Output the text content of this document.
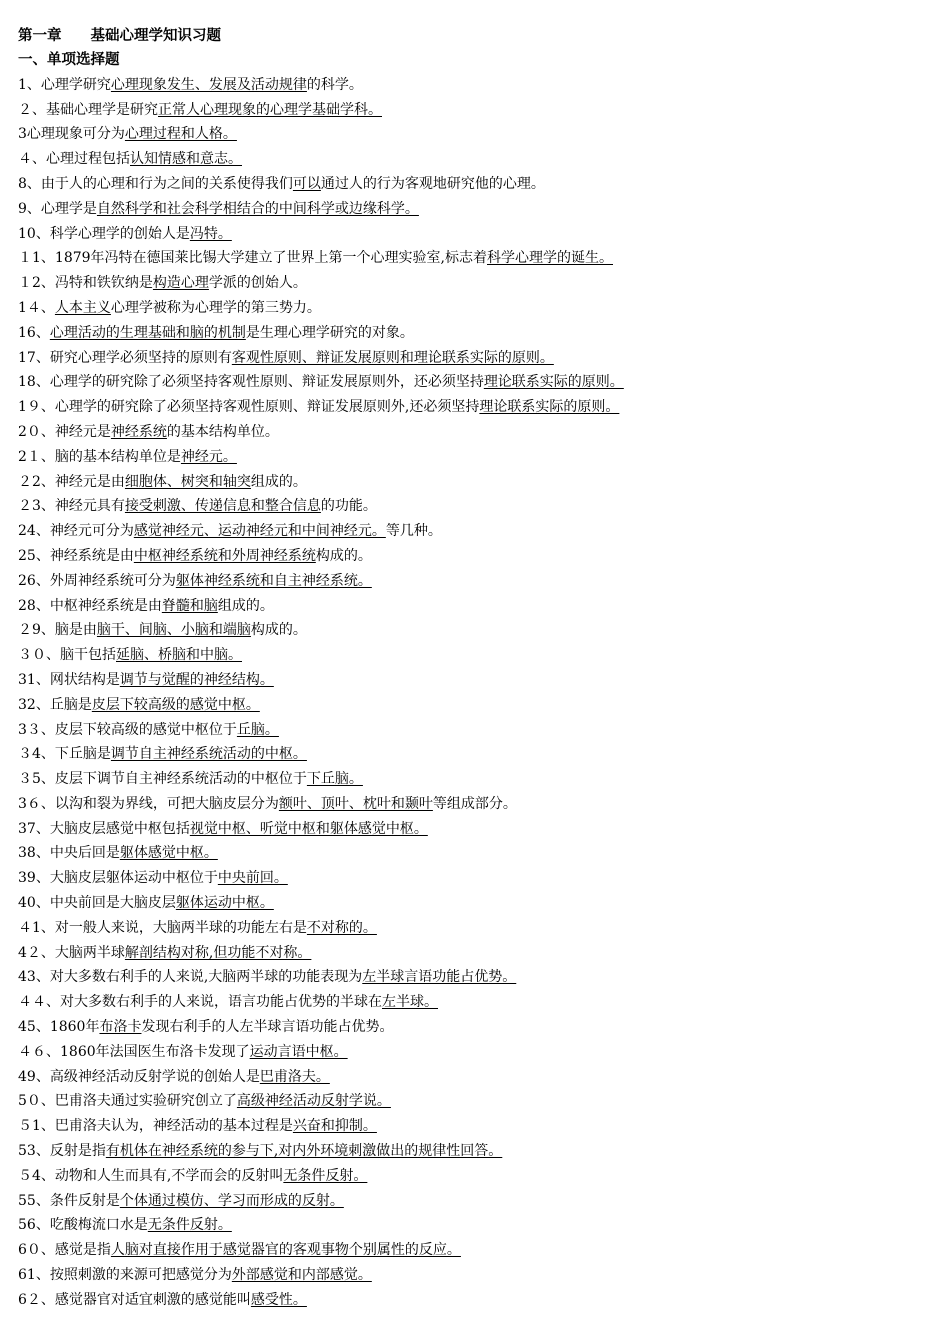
第一章　　基础心理学知识习题
一、单项选择题
1、心理学研究心理现象发生、发展及活动规律的科学。
２、基础心理学是研究正常人心理现象的心理学基础学科。
3心理现象可分为心理过程和人格。
４、心理过程包括认知情感和意志。
8、由于人的心理和行为之间的关系使得我们可以通过人的行为客观地研究他的心理。
9、心理学是自然科学和社会科学相结合的中间科学或边缘科学。
10、科学心理学的创始人是冯特。
１1、1879年冯特在德国莱比锡大学建立了世界上第一个心理实验室,标志着科学心理学的诞生。
１2、冯特和铁钦纳是构造心理学派的创始人。
1４、人本主义心理学被称为心理学的第三势力。
16、心理活动的生理基础和脑的机制是生理心理学研究的对象。
17、研究心理学必须坚持的原则有客观性原则、辩证发展原则和理论联系实际的原则。
18、心理学的研究除了必须坚持客观性原则、辩证发展原则外，还必须坚持理论联系实际的原则。
1９、心理学的研究除了必须坚持客观性原则、辩证发展原则外,还必须坚持理论联系实际的原则。
2０、神经元是神经系统的基本结构单位。
2１、脑的基本结构单位是神经元。
２2、神经元是由细胞体、树突和轴突组成的。
２3、神经元具有接受刺激、传递信息和整合信息的功能。
24、神经元可分为感觉神经元、运动神经元和中间神经元。等几种。
25、神经系统是由中枢神经系统和外周神经系统构成的。
26、外周神经系统可分为躯体神经系统和自主神经系统。
28、中枢神经系统是由脊髓和脑组成的。
２9、脑是由脑干、间脑、小脑和端脑构成的。
３０、脑干包括延脑、桥脑和中脑。
31、网状结构是调节与觉醒的神经结构。
32、丘脑是皮层下较高级的感觉中枢。
3３、皮层下较高级的感觉中枢位于丘脑。
３4、下丘脑是调节自主神经系统活动的中枢。
３5、皮层下调节自主神经系统活动的中枢位于下丘脑。
3６、以沟和裂为界线，可把大脑皮层分为额叶、顶叶、枕叶和颞叶等组成部分。
37、大脑皮层感觉中枢包括视觉中枢、听觉中枢和躯体感觉中枢。
38、中央后回是躯体感觉中枢。
39、大脑皮层躯体运动中枢位于中央前回。
40、中央前回是大脑皮层躯体运动中枢。
４1、对一般人来说，大脑两半球的功能左右是不对称的。
4２、大脑两半球解剖结构对称,但功能不对称。
43、对大多数右利手的人来说,大脑两半球的功能表现为左半球言语功能占优势。
４４、对大多数右利手的人来说，语言功能占优势的半球在左半球。
45、1860年布洛卡发现右利手的人左半球言语功能占优势。
４６、1860年法国医生布洛卡发现了运动言语中枢。
49、高级神经活动反射学说的创始人是巴甫洛夫。
5０、巴甫洛夫通过实验研究创立了高级神经活动反射学说。
５1、巴甫洛夫认为，神经活动的基本过程是兴奋和抑制。
53、反射是指有机体在神经系统的参与下,对内外环境刺激做出的规律性回答。
５4、动物和人生而具有,不学而会的反射叫无条件反射。
55、条件反射是个体通过模仿、学习而形成的反射。
56、吃酸梅流口水是无条件反射。
6０、感觉是指人脑对直接作用于感觉器官的客观事物个别属性的反应。
61、按照刺激的来源可把感觉分为外部感觉和内部感觉。
6２、感觉器官对适宜刺激的感觉能叫感受性。
